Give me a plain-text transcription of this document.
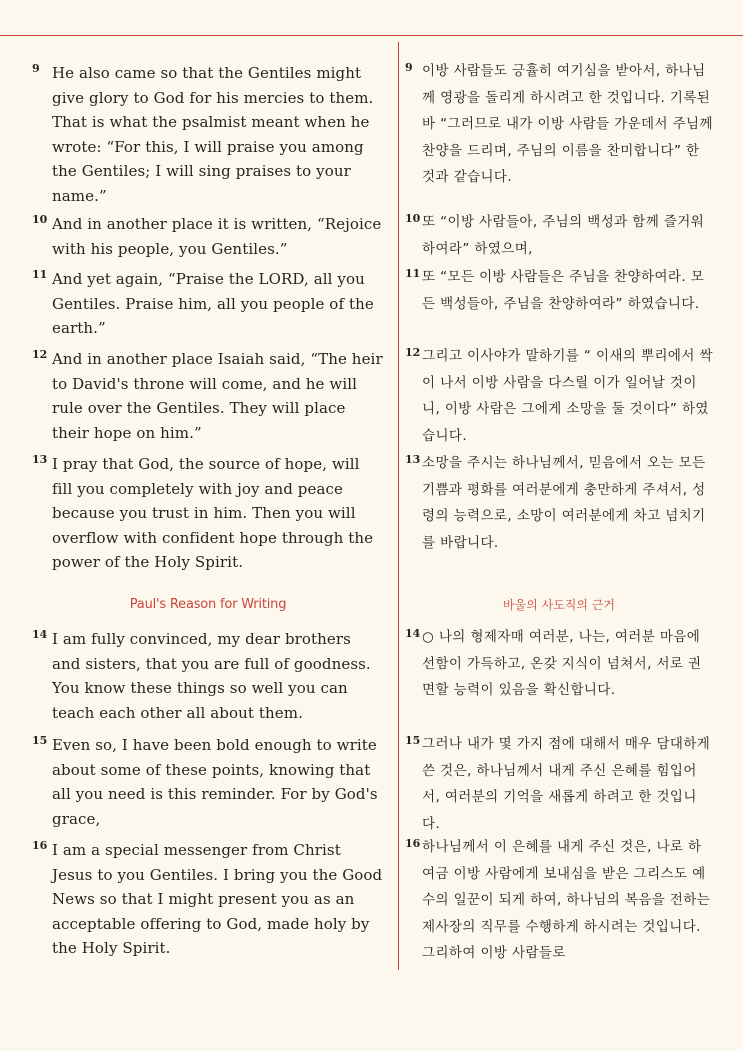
9 He also came so that the Gentiles might give glory to God for his mercies to them. That is what the psalmist meant when he wrote: “For this, I will praise you among the Gentiles; I will sing praises to your name.”
10 And in another place it is written, “Rejoice with his people, you Gentiles.”
11 And yet again, “Praise the LORD, all you Gentiles. Praise him, all you people of the earth.”
12 And in another place Isaiah said, “The heir to David's throne will come, and he will rule over the Gentiles. They will place their hope on him.”
13 I pray that God, the source of hope, will fill you completely with joy and peace because you trust in him. Then you will overflow with confident hope through the power of the Holy Spirit.
Paul's Reason for Writing
14 I am fully convinced, my dear brothers and sisters, that you are full of goodness. You know these things so well you can teach each other all about them.
15 Even so, I have been bold enough to write about some of these points, knowing that all you need is this reminder. For by God's grace,
16 I am a special messenger from Christ Jesus to you Gentiles. I bring you the Good News so that I might present you as an acceptable offering to God, made holy by the Holy Spirit.
9 이방 사람들도 긍휼히 여기심을 받아서, 하나님께 영광을 돌리게 하시려고 한 것입니다. 기록된 바 “그러므로 내가 이방 사람들 가운데서 주님께 찬양을 드리며, 주님의 이름을 찬미합니다” 한 것과 같습니다.
10 또 “이방 사람들아, 주님의 백성과 함께 즐거워하여라” 하였으며,
11 또 “모든 이방 사람들은 주님을 찬양하여라. 모든 백성들아, 주님을 찬양하여라” 하였습니다.
12 그리고 이사야가 말하기를 “ 이새의 뿌리에서 싹이 나서 이방 사람을 다스릴 이가 일어날 것이니, 이방 사람은 그에게 소망을 둘 것이다” 하였습니다.
13 소망을 주시는 하나님께서, 믿음에서 오는 모든 기쁨과 평화를 여러분에게 충만하게 주셔서, 성령의 능력으로, 소망이 여러분에게 차고 넘치기를 바랍니다.
바울의 사도직의 근거
14 ○ 나의 형제자매 여러분, 나는, 여러분 마음에 선함이 가득하고, 온갖 지식이 넘쳐서, 서로 권면할 능력이 있음을 확신합니다.
15 그러나 내가 몇 가지 점에 대해서 매우 담대하게 쓴 것은, 하나님께서 내게 주신 은혜를 힘입어서, 여러분의 기억을 새롭게 하려고 한 것입니다.
16 하나님께서 이 은혜를 내게 주신 것은, 나로 하여금 이방 사람에게 보내심을 받은 그리스도 예수의 일꾼이 되게 하여, 하나님의 복음을 전하는 제사장의 직무를 수행하게 하시려는 것입니다. 그리하여 이방 사람들로
